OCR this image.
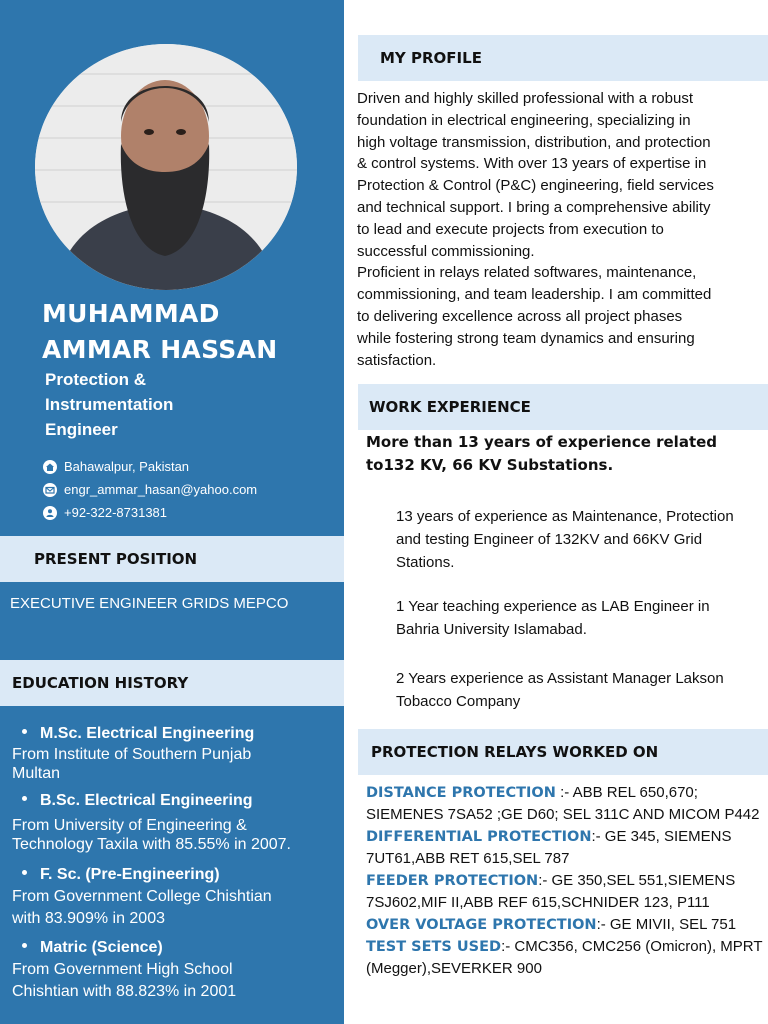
MUHAMMAD
AMMAR HASSAN
Protection &
Instrumentation
Engineer
Bahawalpur, Pakistan
engr_ammar_hasan@yahoo.com
+92-322-8731381
PRESENT POSITION
EXECUTIVE ENGINEER GRIDS MEPCO
EDUCATION HISTORY
M.Sc. Electrical Engineering
From Institute of Southern Punjab
Multan
B.Sc. Electrical Engineering
From University of Engineering &
Technology Taxila with 85.55% in 2007.
F. Sc. (Pre-Engineering)
From Government College Chishtian
with 83.909% in 2003
Matric (Science)
From Government High School
Chishtian with 88.823% in 2001
MY PROFILE
Driven and highly skilled professional with a robust
foundation in electrical engineering, specializing in
high voltage transmission, distribution, and protection
& control systems. With over 13 years of expertise in
Protection & Control (P&C) engineering, field services
and technical support. I bring a comprehensive ability
to lead and execute projects from execution to
successful commissioning.
Proficient in relays related softwares, maintenance,
commissioning, and team leadership. I am committed
to delivering excellence across all project phases
while fostering strong team dynamics and ensuring
satisfaction.
WORK EXPERIENCE
More than 13 years of experience related to132 KV, 66 KV Substations.
13 years of experience as Maintenance, Protection and testing Engineer of 132KV and 66KV Grid Stations.
1 Year teaching experience as LAB Engineer in Bahria University Islamabad.
2 Years experience as Assistant Manager Lakson Tobacco Company
PROTECTION RELAYS WORKED ON
DISTANCE PROTECTION :- ABB REL 650,670; SIEMENES 7SA52 ;GE D60; SEL 311C AND MICOM P442
DIFFERENTIAL PROTECTION:- GE 345, SIEMENS 7UT61,ABB RET 615,SEL 787
FEEDER PROTECTION:- GE 350,SEL 551,SIEMENS 7SJ602,MIF II,ABB REF 615,SCHNIDER 123, P111
OVER VOLTAGE PROTECTION:- GE MIVII, SEL 751
TEST SETS USED:- CMC356, CMC256 (Omicron), MPRT (Megger),SEVERKER 900
